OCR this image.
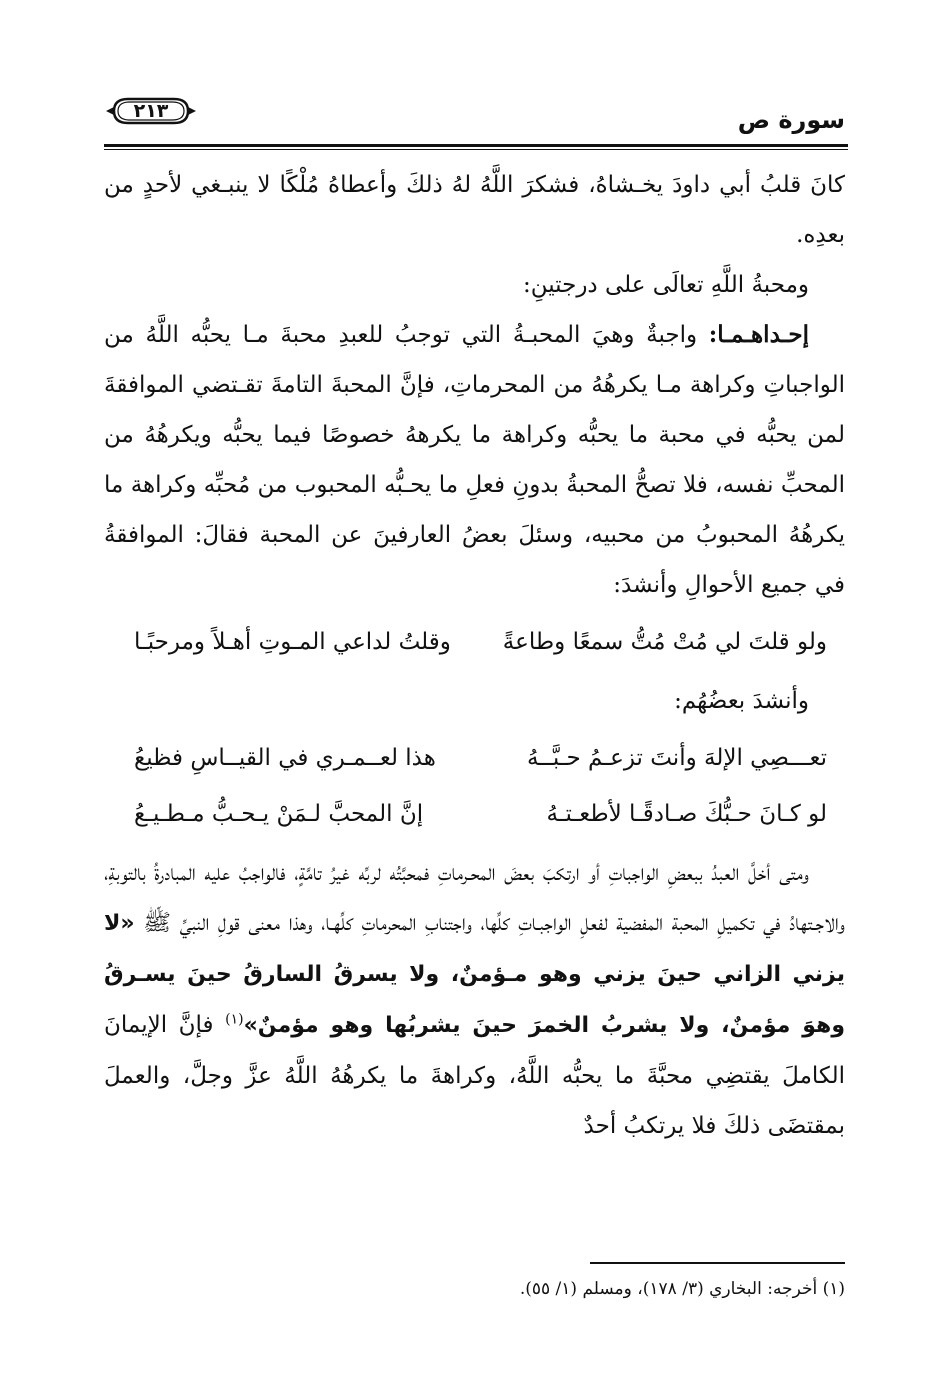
سورة ص
٢١٣

كانَ قلبُ أبي داودَ يخـشاهُ، فشكرَ اللَّهُ لهُ ذلكَ وأعطاهُ مُلْكًا لا ينبـغي لأحدٍ من بعدِه.

ومحبةُ اللَّهِ تعالَى على درجتينِ:

إحـداهـمـا: واجبةٌ وهيَ المحبـةُ التي توجبُ للعبدِ محبةَ مـا يحبُّه اللَّهُ من الواجباتِ وكراهة مـا يكرهُهُ من المحرماتِ، فإنَّ المحبةَ التامةَ تقـتضي الموافقةَ لمن يحبُّه في محبة ما يحبُّه وكراهة ما يكرههُ خصوصًا فيما يحبُّه ويكرهُهُ من المحبِّ نفسه، فلا تصحُّ المحبةُ بدونِ فعلِ ما يحـبُّه المحبوب من مُحبِّه وكراهة ما يكرهُهُ المحبوبُ من محبيه، وسئلَ بعضُ العارفينَ عن المحبة فقالَ: الموافقةُ في جميع الأحوالِ وأنشدَ:

ولو قلتَ لي مُتْ مُتُّ سمعًا وطاعةً
وقلتُ لداعي المـوتِ أهـلاً ومرحبًـا

وأنشدَ بعضُهُم:

تعـــصِي الإلهَ وأنتَ تزعـمُ حـبَّــهُ
هذا لعــمـري في القيــاسِ فظيعُ
لو كـانَ حـبُّكَ صـادقًـا لأطعـتـهُ
إنَّ المحبَّ لـمَنْ يـحـبُّ مـطـيـعُ

ومتى أخلَّ العبدُ ببعضِ الواجباتِ أو ارتكبَ بعضَ المحـرماتِ فمحبَّتُه لربِّه غيرُ تامَّةٍ، فالواجبُ عليه المبادرةُ بالتوبةِ، والاجـتهادُ في تكميلِ المحبة المفضية لفعلِ الواجبـاتِ كلِّها، واجتنابِ المحرماتِ كلِّهـا، وهذا معنى قولِ النبيِّ ﷺ «لا يزني الزاني حينَ يزني وهو مـؤمنٌ، ولا يسرقُ السارقُ حينَ يسـرقُ وهوَ مؤمنٌ، ولا يشربُ الخمرَ حينَ يشربُها وهو مؤمنٌ»$^{(١)}$ فإنَّ الإيمانَ الكاملَ يقتضِي محبَّةَ ما يحبُّه اللَّهُ، وكراهةَ ما يكرهُهُ اللَّهُ عزَّ وجلَّ، والعملَ بمقتضَى ذلكَ فلا يرتكبُ أحدٌ

(١) أخرجه: البخاري (٣/ ١٧٨)، ومسلم (١/ ٥٥).
